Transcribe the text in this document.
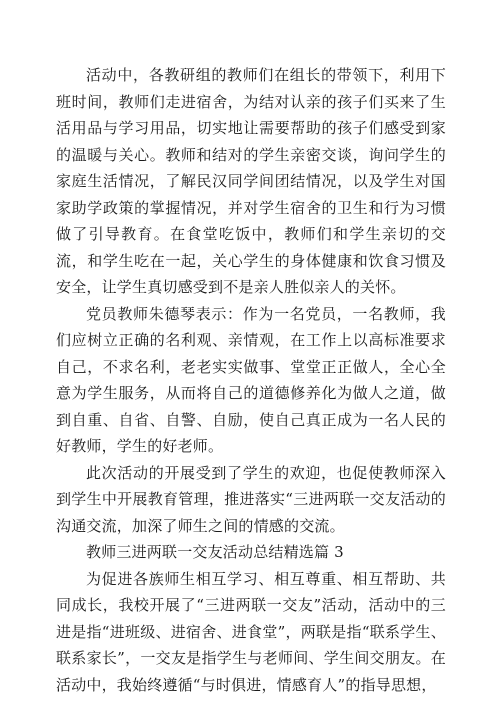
活动中，各教研组的教师们在组长的带领下，利用下班时间，教师们走进宿舍，为结对认亲的孩子们买来了生活用品与学习用品，切实地让需要帮助的孩子们感受到家的温暖与关心。教师和结对的学生亲密交谈，询问学生的家庭生活情况，了解民汉同学间团结情况，以及学生对国家助学政策的掌握情况，并对学生宿舍的卫生和行为习惯做了引导教育。在食堂吃饭中，教师们和学生亲切的交流，和学生吃在一起，关心学生的身体健康和饮食习惯及安全，让学生真切感受到不是亲人胜似亲人的关怀。

党员教师朱德琴表示：作为一名党员，一名教师，我们应树立正确的名利观、亲情观，在工作上以高标准要求自己，不求名利，老老实实做事、堂堂正正做人，全心全意为学生服务，从而将自己的道德修养化为做人之道，做到自重、自省、自警、自励，使自己真正成为一名人民的好教师，学生的好老师。

此次活动的开展受到了学生的欢迎，也促使教师深入到学生中开展教育管理，推进落实“三进两联一交友活动的沟通交流，加深了师生之间的情感的交流。

教师三进两联一交友活动总结精选篇 3

为促进各族师生相互学习、相互尊重、相互帮助、共同成长，我校开展了“三进两联一交友”活动，活动中的三进是指“进班级、进宿舍、进食堂”，两联是指“联系学生、联系家长”，一交友是指学生与老师间、学生间交朋友。在活动中，我始终遵循“与时俱进，情感育人”的指导思想，
